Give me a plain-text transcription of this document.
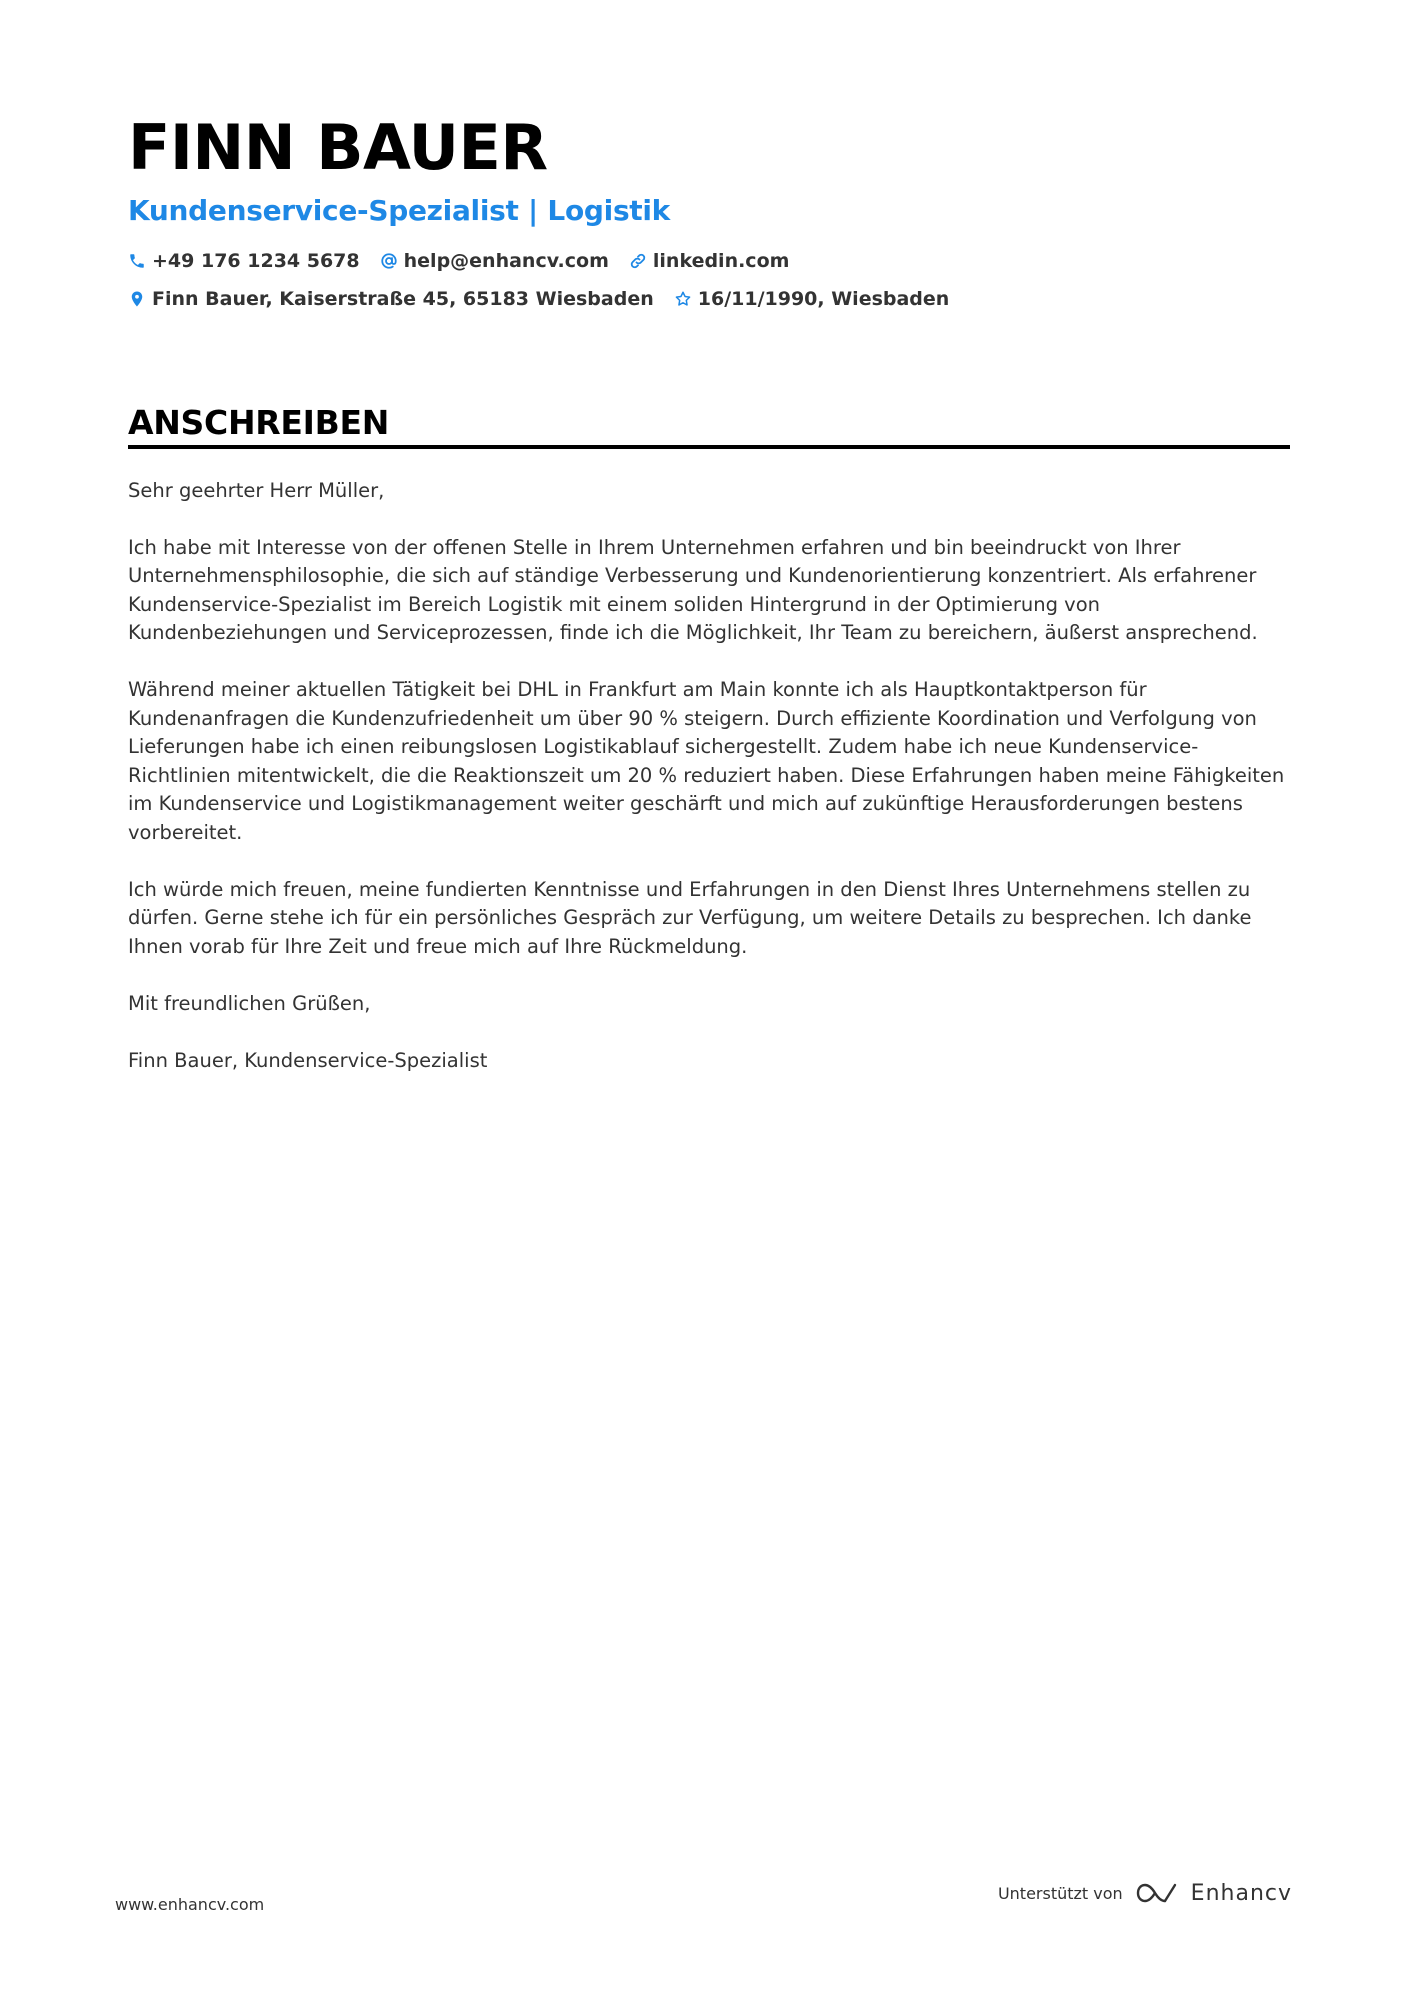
FINN BAUER
Kundenservice-Spezialist | Logistik
+49 176 1234 5678 help@enhancv.com linkedin.com
Finn Bauer, Kaiserstraße 45, 65183 Wiesbaden 16/11/1990, Wiesbaden
ANSCHREIBEN

Sehr geehrter Herr Müller,

Ich habe mit Interesse von der offenen Stelle in Ihrem Unternehmen erfahren und bin beeindruckt von Ihrer Unternehmensphilosophie, die sich auf ständige Verbesserung und Kundenorientierung konzentriert. Als erfahrener Kundenservice-Spezialist im Bereich Logistik mit einem soliden Hintergrund in der Optimierung von Kundenbeziehungen und Serviceprozessen, finde ich die Möglichkeit, Ihr Team zu bereichern, äußerst ansprechend.

Während meiner aktuellen Tätigkeit bei DHL in Frankfurt am Main konnte ich als Hauptkontaktperson für Kundenanfragen die Kundenzufriedenheit um über 90 % steigern. Durch effiziente Koordination und Verfolgung von Lieferungen habe ich einen reibungslosen Logistikablauf sichergestellt. Zudem habe ich neue Kundenservice-Richtlinien mitentwickelt, die die Reaktionszeit um 20 % reduziert haben. Diese Erfahrungen haben meine Fähigkeiten im Kundenservice und Logistikmanagement weiter geschärft und mich auf zukünftige Herausforderungen bestens vorbereitet.

Ich würde mich freuen, meine fundierten Kenntnisse und Erfahrungen in den Dienst Ihres Unternehmens stellen zu dürfen. Gerne stehe ich für ein persönliches Gespräch zur Verfügung, um weitere Details zu besprechen. Ich danke Ihnen vorab für Ihre Zeit und freue mich auf Ihre Rückmeldung.

Mit freundlichen Grüßen,

Finn Bauer, Kundenservice-Spezialist

www.enhancv.com
Unterstützt von	Enhancv
